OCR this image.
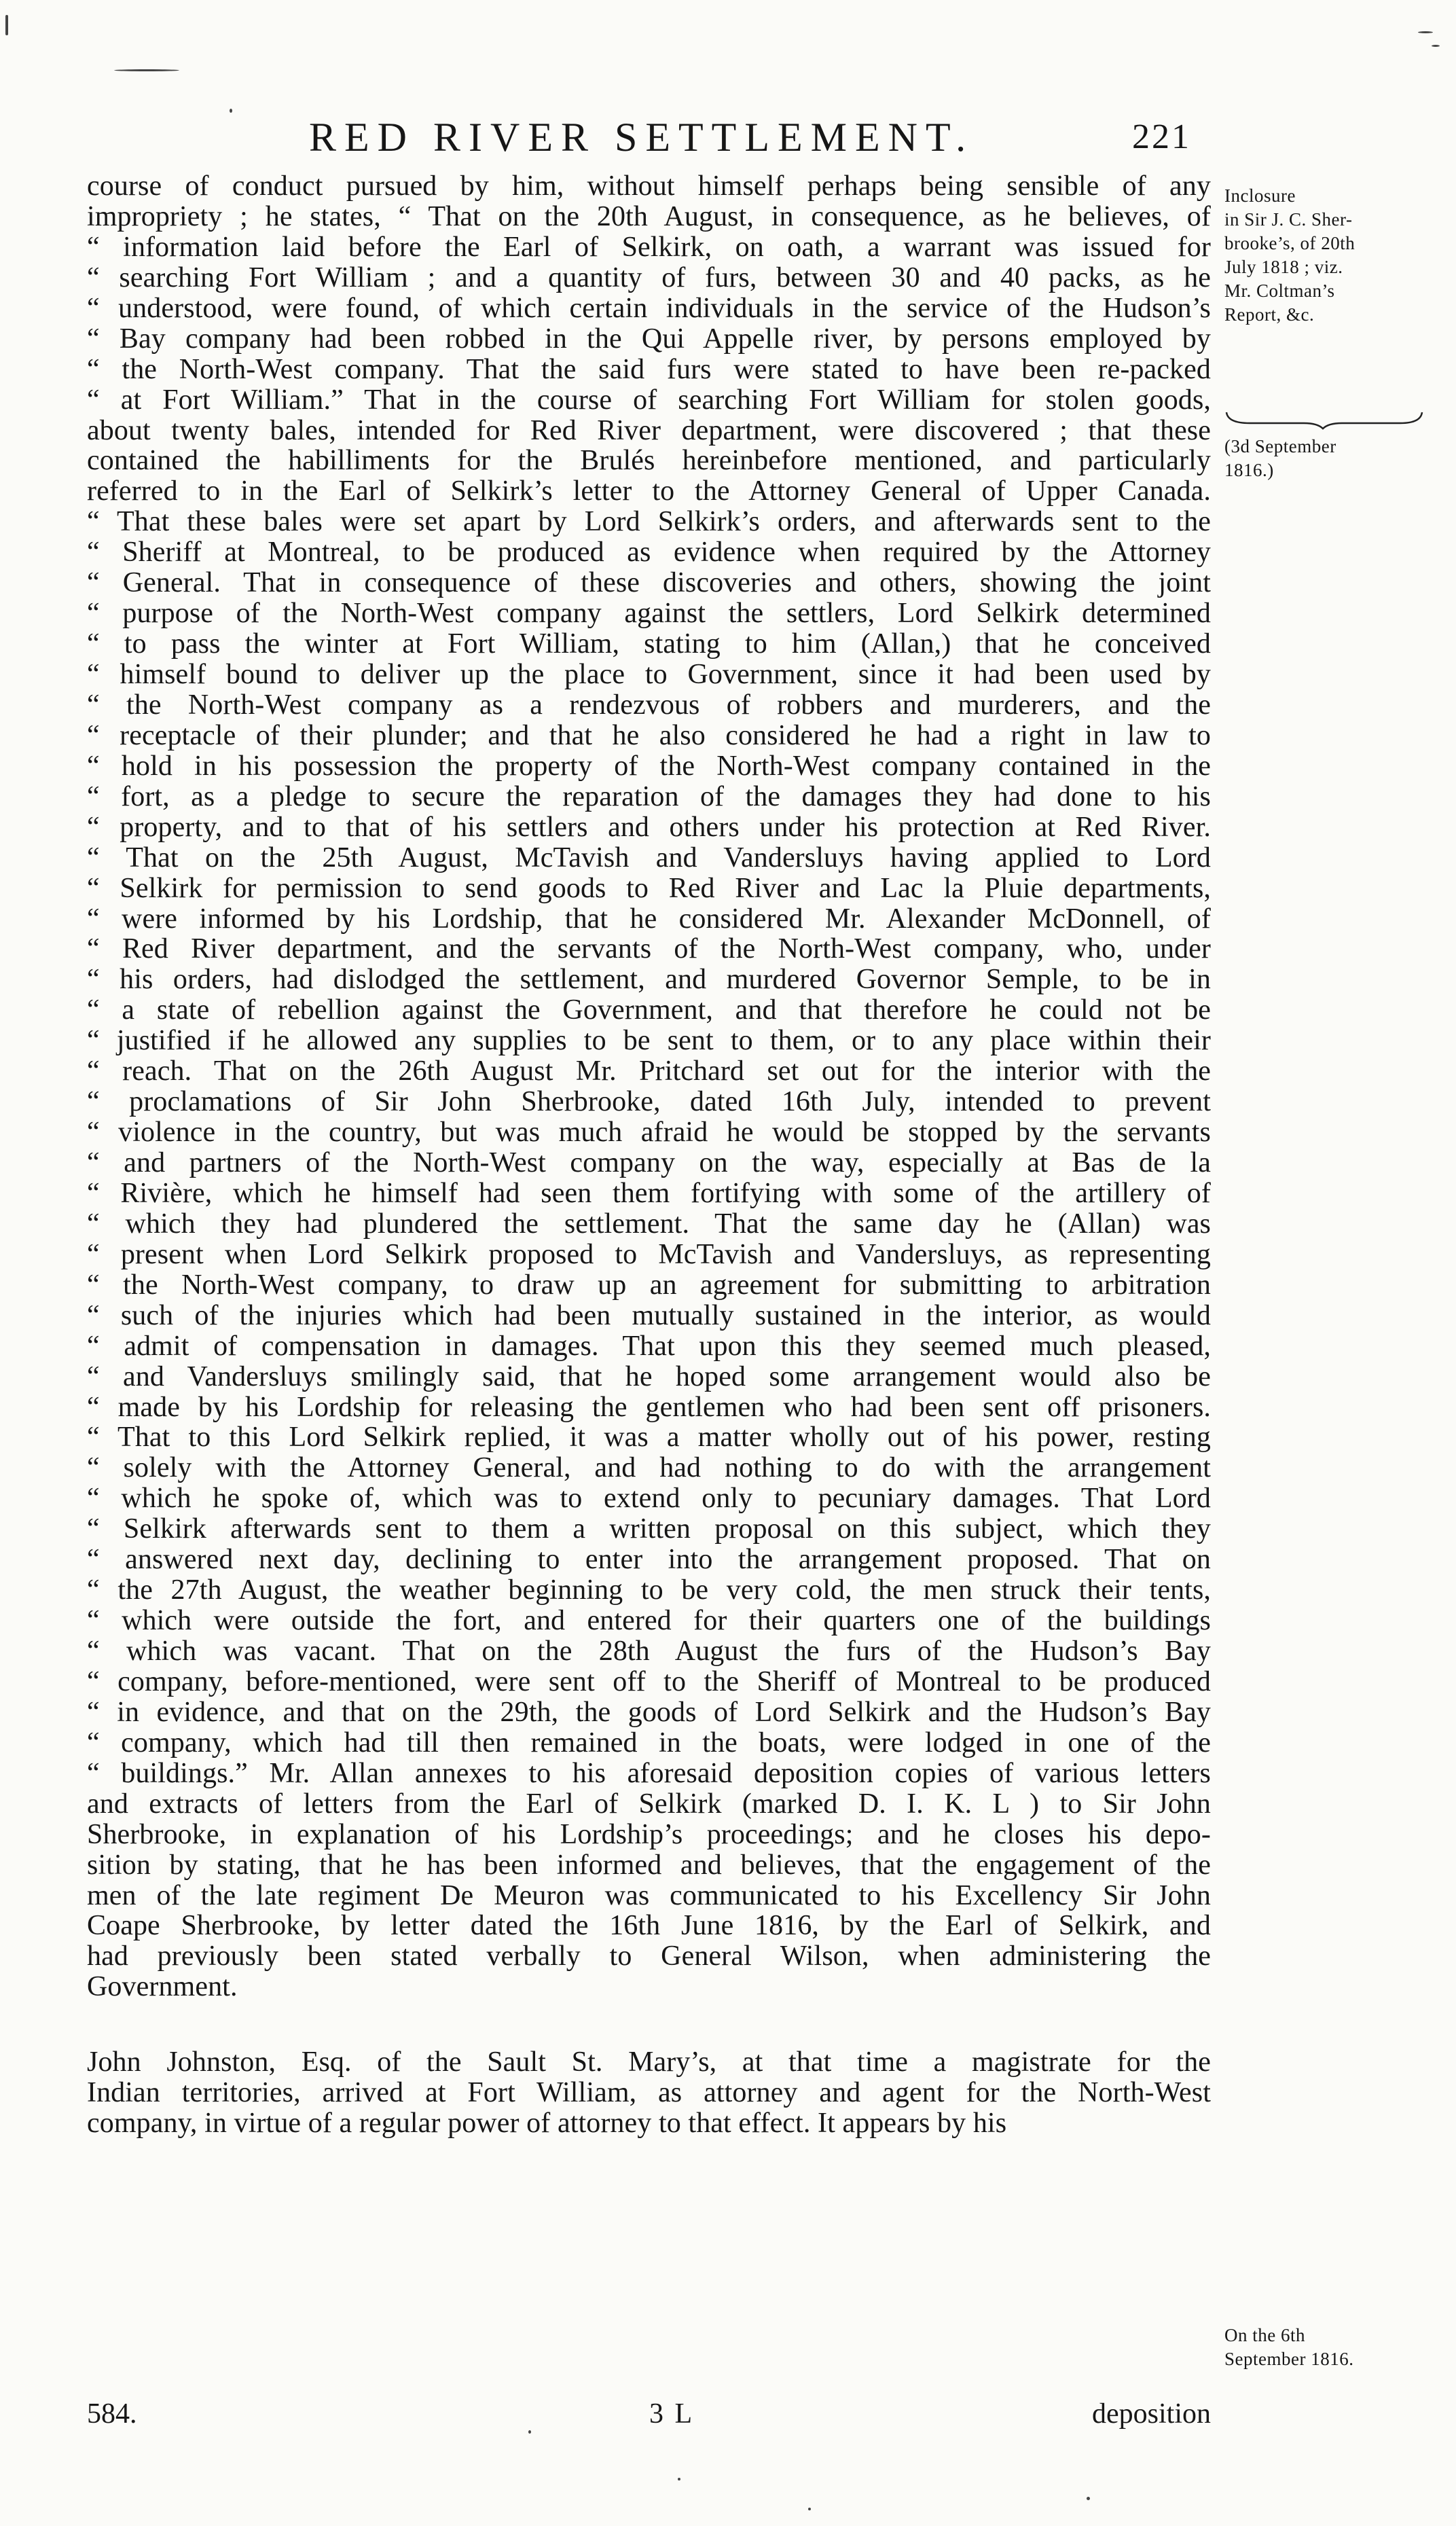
RED RIVER SETTLEMENT.	221
course of conduct pursued by him, without himself perhaps being sensible of any
impropriety ; he states, “ That on the 20th August, in consequence, as he believes, of
“ information laid before the Earl of Selkirk, on oath, a warrant was issued for
“ searching Fort William ; and a quantity of furs, between 30 and 40 packs, as he
“ understood, were found, of which certain individuals in the service of the Hudson’s
“ Bay company had been robbed in the Qui Appelle river, by persons employed by
“ the North-West company. That the said furs were stated to have been re-packed
“ at Fort William.” That in the course of searching Fort William for stolen goods,
about twenty bales, intended for Red River department, were discovered ; that these
contained the habilliments for the Brulés hereinbefore mentioned, and particularly
referred to in the Earl of Selkirk’s letter to the Attorney General of Upper Canada.
“ That these bales were set apart by Lord Selkirk’s orders, and afterwards sent to the
“ Sheriff at Montreal, to be produced as evidence when required by the Attorney
“ General. That in consequence of these discoveries and others, showing the joint
“ purpose of the North-West company against the settlers, Lord Selkirk determined
“ to pass the winter at Fort William, stating to him (Allan,) that he conceived
“ himself bound to deliver up the place to Government, since it had been used by
“ the North-West company as a rendezvous of robbers and murderers, and the
“ receptacle of their plunder; and that he also considered he had a right in law to
“ hold in his possession the property of the North-West company contained in the
“ fort, as a pledge to secure the reparation of the damages they had done to his
“ property, and to that of his settlers and others under his protection at Red River.
“ That on the 25th August, McTavish and Vandersluys having applied to Lord
“ Selkirk for permission to send goods to Red River and Lac la Pluie departments,
“ were informed by his Lordship, that he considered Mr. Alexander McDonnell, of
“ Red River department, and the servants of the North-West company, who, under
“ his orders, had dislodged the settlement, and murdered Governor Semple, to be in
“ a state of rebellion against the Government, and that therefore he could not be
“ justified if he allowed any supplies to be sent to them, or to any place within their
“ reach. That on the 26th August Mr. Pritchard set out for the interior with the
“ proclamations of Sir John Sherbrooke, dated 16th July, intended to prevent
“ violence in the country, but was much afraid he would be stopped by the servants
“ and partners of the North-West company on the way, especially at Bas de la
“ Rivière, which he himself had seen them fortifying with some of the artillery of
“ which they had plundered the settlement. That the same day he (Allan) was
“ present when Lord Selkirk proposed to McTavish and Vandersluys, as representing
“ the North-West company, to draw up an agreement for submitting to arbitration
“ such of the injuries which had been mutually sustained in the interior, as would
“ admit of compensation in damages. That upon this they seemed much pleased,
“ and Vandersluys smilingly said, that he hoped some arrangement would also be
“ made by his Lordship for releasing the gentlemen who had been sent off prisoners.
“ That to this Lord Selkirk replied, it was a matter wholly out of his power, resting
“ solely with the Attorney General, and had nothing to do with the arrangement
“ which he spoke of, which was to extend only to pecuniary damages. That Lord
“ Selkirk afterwards sent to them a written proposal on this subject, which they
“ answered next day, declining to enter into the arrangement proposed. That on
“ the 27th August, the weather beginning to be very cold, the men struck their tents,
“ which were outside the fort, and entered for their quarters one of the buildings
“ which was vacant. That on the 28th August the furs of the Hudson’s Bay
“ company, before-mentioned, were sent off to the Sheriff of Montreal to be produced
“ in evidence, and that on the 29th, the goods of Lord Selkirk and the Hudson’s Bay
“ company, which had till then remained in the boats, were lodged in one of the
“ buildings.” Mr. Allan annexes to his aforesaid deposition copies of various letters
and extracts of letters from the Earl of Selkirk (marked D. I. K. L ) to Sir John
Sherbrooke, in explanation of his Lordship’s proceedings; and he closes his depo-
sition by stating, that he has been informed and believes, that the engagement of the
men of the late regiment De Meuron was communicated to his Excellency Sir John
Coape Sherbrooke, by letter dated the 16th June 1816, by the Earl of Selkirk, and
had previously been stated verbally to General Wilson, when administering the
Government.
John Johnston, Esq. of the Sault St. Mary’s, at that time a magistrate for the
Indian territories, arrived at Fort William, as attorney and agent for the North-West
company, in virtue of a regular power of attorney to that effect. It appears by his
Inclosure
in Sir J. C. Sher-
brooke’s, of 20th
July 1818 ; viz.
Mr. Coltman’s
Report, &c.
(3d September
1816.)
On the 6th
September 1816.
584.	3 L	deposition
